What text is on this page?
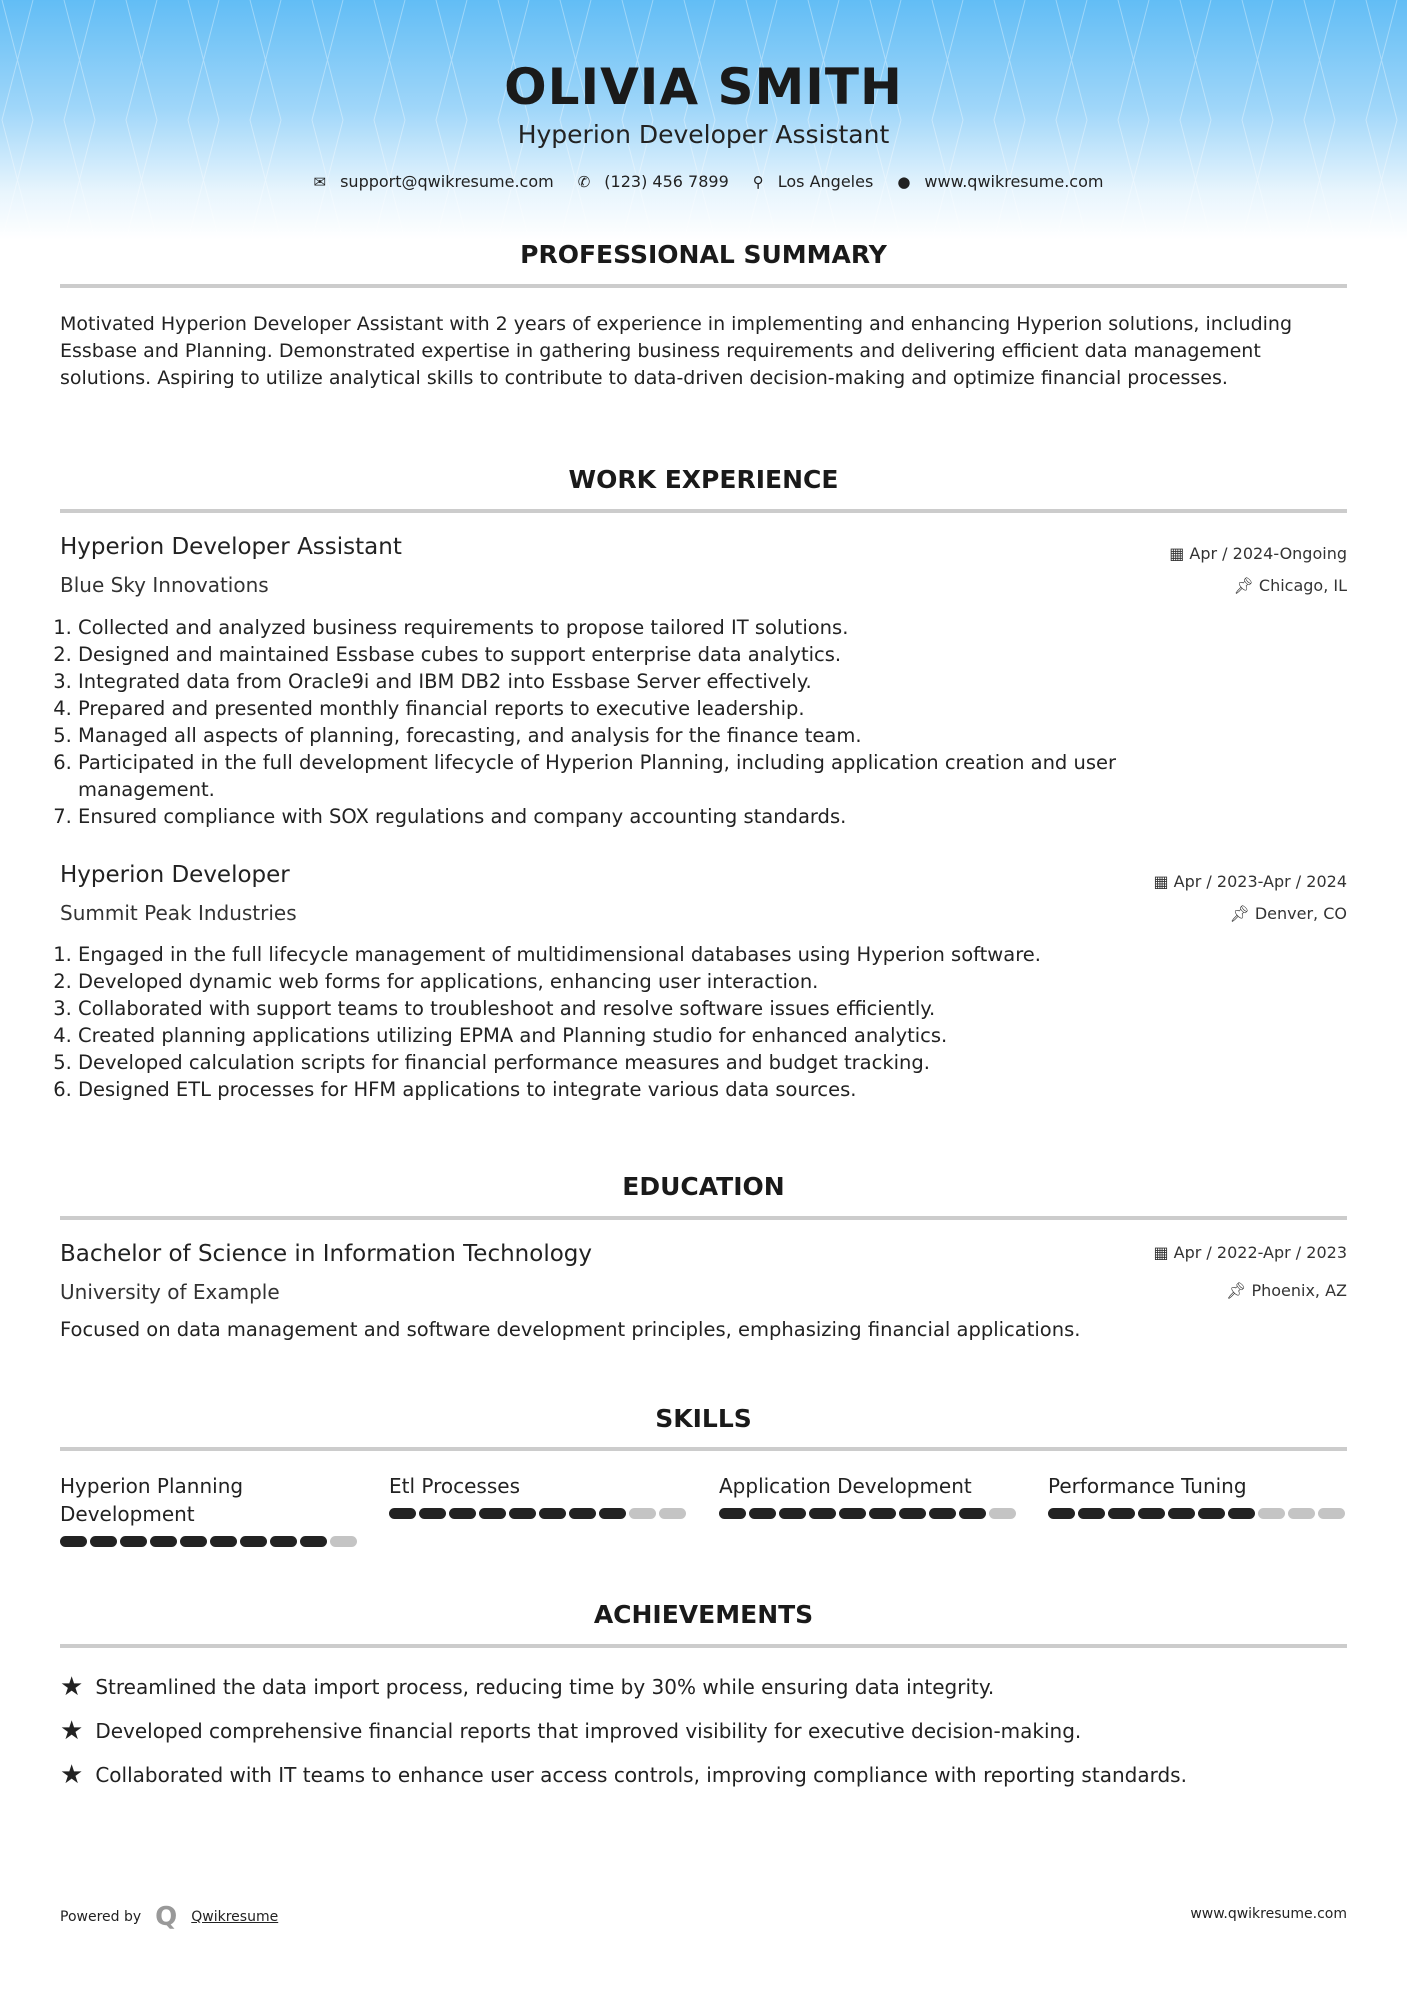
OLIVIA SMITH
Hyperion Developer Assistant
✉ support@qwikresume.com ✆ (123) 456 7899 ⚲ Los Angeles ● www.qwikresume.com
PROFESSIONAL SUMMARY
Motivated Hyperion Developer Assistant with 2 years of experience in implementing and enhancing Hyperion solutions, including Essbase and Planning. Demonstrated expertise in gathering business requirements and delivering efficient data management solutions. Aspiring to utilize analytical skills to contribute to data-driven decision-making and optimize financial processes.
WORK EXPERIENCE
Hyperion Developer Assistant	▦ Apr / 2024-Ongoing
Blue Sky Innovations	📌︎ Chicago, IL
1. Collected and analyzed business requirements to propose tailored IT solutions.
2. Designed and maintained Essbase cubes to support enterprise data analytics.
3. Integrated data from Oracle9i and IBM DB2 into Essbase Server effectively.
4. Prepared and presented monthly financial reports to executive leadership.
5. Managed all aspects of planning, forecasting, and analysis for the finance team.
6. Participated in the full development lifecycle of Hyperion Planning, including application creation and user management.
7. Ensured compliance with SOX regulations and company accounting standards.
Hyperion Developer	▦ Apr / 2023-Apr / 2024
Summit Peak Industries	📌︎ Denver, CO
1. Engaged in the full lifecycle management of multidimensional databases using Hyperion software.
2. Developed dynamic web forms for applications, enhancing user interaction.
3. Collaborated with support teams to troubleshoot and resolve software issues efficiently.
4. Created planning applications utilizing EPMA and Planning studio for enhanced analytics.
5. Developed calculation scripts for financial performance measures and budget tracking.
6. Designed ETL processes for HFM applications to integrate various data sources.
EDUCATION
Bachelor of Science in Information Technology	▦ Apr / 2022-Apr / 2023
University of Example	📌︎ Phoenix, AZ
Focused on data management and software development principles, emphasizing financial applications.
SKILLS
Hyperion Planning Development
Etl Processes	Application Development	Performance Tuning
ACHIEVEMENTS
★ Streamlined the data import process, reducing time by 30% while ensuring data integrity.
★ Developed comprehensive financial reports that improved visibility for executive decision-making.
★ Collaborated with IT teams to enhance user access controls, improving compliance with reporting standards.
Powered by Q Qwikresume	www.qwikresume.com
